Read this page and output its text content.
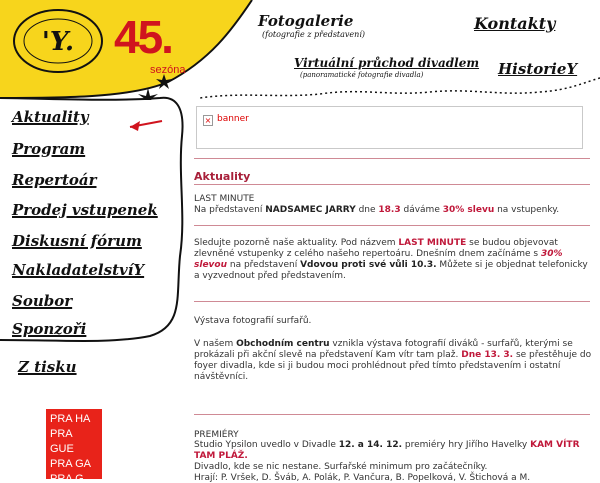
'Y. 45.
sezóna
Fotogalerie
(fotografie z představení)
Virtuální průchod divadlem
(panoramatické fotografie divadla)
Kontakty
HistorieY
Aktuality
Program
Repertoár
Prodej vstupenek
Diskusní fórum
NakladatelstvíY
Soubor
Sponzoři
Z tisku
PRA HA
PRA GUE
PRA GA
PRA G
× banner
Aktuality
LAST MINUTE
Na představení NADSAMEC JARRY dne 18.3 dáváme 30% slevu na vstupenky.
Sledujte pozorně naše aktuality. Pod názvem LAST MINUTE se budou objevovat zlevněné vstupenky z celého našeho repertoáru. Dnešním dnem začínáme s 30% slevou na představení Vdovou proti své vůli 10.3. Můžete si je objednat telefonicky a vyzvednout před představením.
Výstava fotografií surfařů.
V našem Obchodním centru vznikla výstava fotografií diváků - surfařů, kterými se prokázali při akční slevě na představení Kam vítr tam plaž. Dne 13. 3. se přestěhuje do foyer divadla, kde si ji budou moci prohlédnout před tímto představením i ostatní návštěvníci.
PREMIÉRY
Studio Ypsilon uvedlo v Divadle 12. a 14. 12. premiéry hry Jiřího Havelky KAM VÍTR TAM PLÁŽ.
Divadlo, kde se nic nestane. Surfařské minimum pro začátečníky.
Hrají: P. Vršek, D. Šváb, A. Polák, P. Vančura, B. Popelková, V. Štichová a M.
